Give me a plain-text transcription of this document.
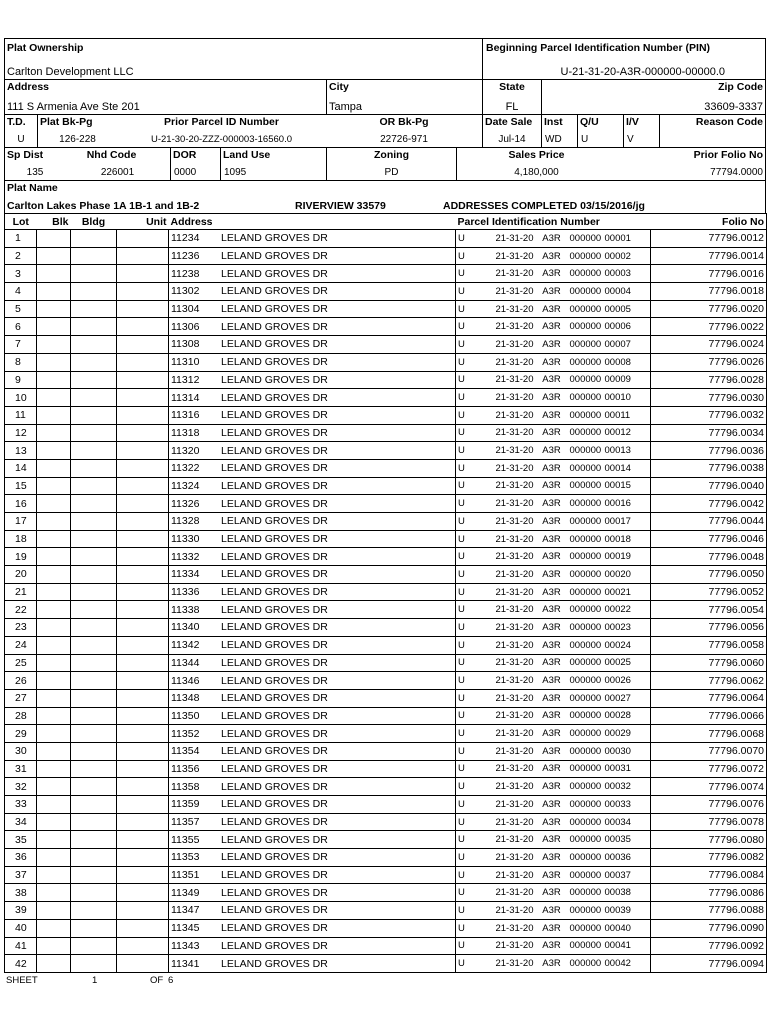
Plat Ownership
Carlton Development LLC
Beginning Parcel Identification Number (PIN)
U-21-31-20-A3R-000000-00000.0
Address
111 S Armenia Ave Ste 201
City
Tampa
State
FL
Zip Code
33609-3337
T.D.
U
Plat Bk-Pg
126-228
Prior Parcel ID Number
U-21-30-20-ZZZ-000003-16560.0
OR Bk-Pg
22726-971
Date Sale
Jul-14
Inst
WD
Q/U
U
I/V
V
Reason Code
Sp Dist
135
Nhd Code
226001
DOR
0000
Land Use
1095
Zoning
PD
Sales Price
4,180,000
Prior Folio No
77794.0000
Plat Name
Carlton Lakes Phase 1A 1B-1 and 1B-2	RIVERVIEW 33579	ADDRESSES COMPLETED 03/15/2016/jg
Lot	Blk	Bldg	Unit	Address	Parcel Identification Number					Folio No
1				11234 LELAND GROVES DR	U	21-31-20	A3R	000000	00001	77796.0012
2				11236 LELAND GROVES DR	U	21-31-20	A3R	000000	00002	77796.0014
3				11238 LELAND GROVES DR	U	21-31-20	A3R	000000	00003	77796.0016
4				11302 LELAND GROVES DR	U	21-31-20	A3R	000000	00004	77796.0018
5				11304 LELAND GROVES DR	U	21-31-20	A3R	000000	00005	77796.0020
6				11306 LELAND GROVES DR	U	21-31-20	A3R	000000	00006	77796.0022
7				11308 LELAND GROVES DR	U	21-31-20	A3R	000000	00007	77796.0024
8				11310 LELAND GROVES DR	U	21-31-20	A3R	000000	00008	77796.0026
9				11312 LELAND GROVES DR	U	21-31-20	A3R	000000	00009	77796.0028
10				11314 LELAND GROVES DR	U	21-31-20	A3R	000000	00010	77796.0030
11				11316 LELAND GROVES DR	U	21-31-20	A3R	000000	00011	77796.0032
12				11318 LELAND GROVES DR	U	21-31-20	A3R	000000	00012	77796.0034
13				11320 LELAND GROVES DR	U	21-31-20	A3R	000000	00013	77796.0036
14				11322 LELAND GROVES DR	U	21-31-20	A3R	000000	00014	77796.0038
15				11324 LELAND GROVES DR	U	21-31-20	A3R	000000	00015	77796.0040
16				11326 LELAND GROVES DR	U	21-31-20	A3R	000000	00016	77796.0042
17				11328 LELAND GROVES DR	U	21-31-20	A3R	000000	00017	77796.0044
18				11330 LELAND GROVES DR	U	21-31-20	A3R	000000	00018	77796.0046
19				11332 LELAND GROVES DR	U	21-31-20	A3R	000000	00019	77796.0048
20				11334 LELAND GROVES DR	U	21-31-20	A3R	000000	00020	77796.0050
21				11336 LELAND GROVES DR	U	21-31-20	A3R	000000	00021	77796.0052
22				11338 LELAND GROVES DR	U	21-31-20	A3R	000000	00022	77796.0054
23				11340 LELAND GROVES DR	U	21-31-20	A3R	000000	00023	77796.0056
24				11342 LELAND GROVES DR	U	21-31-20	A3R	000000	00024	77796.0058
25				11344 LELAND GROVES DR	U	21-31-20	A3R	000000	00025	77796.0060
26				11346 LELAND GROVES DR	U	21-31-20	A3R	000000	00026	77796.0062
27				11348 LELAND GROVES DR	U	21-31-20	A3R	000000	00027	77796.0064
28				11350 LELAND GROVES DR	U	21-31-20	A3R	000000	00028	77796.0066
29				11352 LELAND GROVES DR	U	21-31-20	A3R	000000	00029	77796.0068
30				11354 LELAND GROVES DR	U	21-31-20	A3R	000000	00030	77796.0070
31				11356 LELAND GROVES DR	U	21-31-20	A3R	000000	00031	77796.0072
32				11358 LELAND GROVES DR	U	21-31-20	A3R	000000	00032	77796.0074
33				11359 LELAND GROVES DR	U	21-31-20	A3R	000000	00033	77796.0076
34				11357 LELAND GROVES DR	U	21-31-20	A3R	000000	00034	77796.0078
35				11355 LELAND GROVES DR	U	21-31-20	A3R	000000	00035	77796.0080
36				11353 LELAND GROVES DR	U	21-31-20	A3R	000000	00036	77796.0082
37				11351 LELAND GROVES DR	U	21-31-20	A3R	000000	00037	77796.0084
38				11349 LELAND GROVES DR	U	21-31-20	A3R	000000	00038	77796.0086
39				11347 LELAND GROVES DR	U	21-31-20	A3R	000000	00039	77796.0088
40				11345 LELAND GROVES DR	U	21-31-20	A3R	000000	00040	77796.0090
41				11343 LELAND GROVES DR	U	21-31-20	A3R	000000	00041	77796.0092
42				11341 LELAND GROVES DR	U	21-31-20	A3R	000000	00042	77796.0094
SHEET	1	OF 6
